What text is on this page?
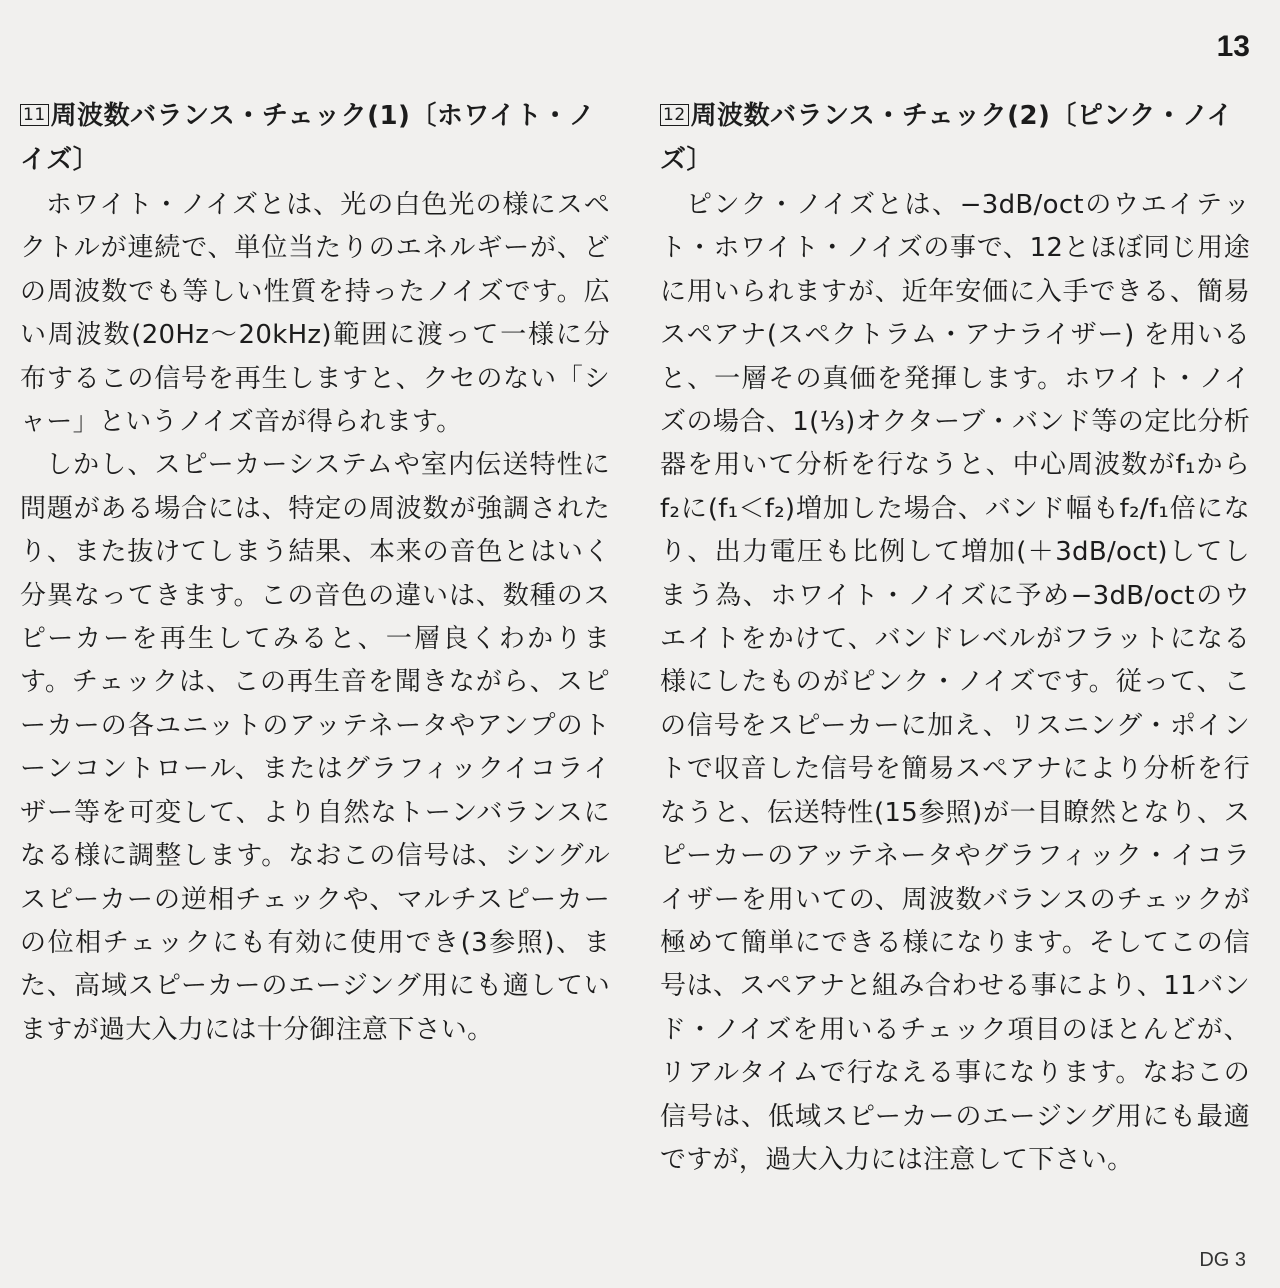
13
11 周波数バランス・チェック(1)〔ホワイト・ノ
イズ〕

ホワイト・ノイズとは、光の白色光の様にスペクトルが連続で、単位当たりのエネルギーが、どの周波数でも等しい性質を持ったノイズです。広い周波数(20Hz～20kHz)範囲に渡って一様に分布するこの信号を再生しますと、クセのない「シャー」というノイズ音が得られます。

しかし、スピーカーシステムや室内伝送特性に問題がある場合には、特定の周波数が強調されたり、また抜けてしまう結果、本来の音色とはいく分異なってきます。この音色の違いは、数種のスピーカーを再生してみると、一層良くわかります。チェックは、この再生音を聞きながら、スピーカーの各ユニットのアッテネータやアンプのトーンコントロール、またはグラフィックイコライザー等を可変して、より自然なトーンバランスになる様に調整します。なおこの信号は、シングルスピーカーの逆相チェックや、マルチスピーカーの位相チェックにも有効に使用でき(3参照)、また、高域スピーカーのエージング用にも適していますが過大入力には十分御注意下さい。

12 周波数バランス・チェック(2)〔ピンク・ノイズ〕

ピンク・ノイズとは、−3dB/octのウエイテット・ホワイト・ノイズの事で、12とほぼ同じ用途に用いられますが、近年安価に入手できる、簡易スペアナ(スペクトラム・アナライザー) を用いると、一層その真価を発揮します。ホワイト・ノイズの場合、1(⅓)オクターブ・バンド等の定比分析器を用いて分析を行なうと、中心周波数がf₁からf₂に(f₁＜f₂)増加した場合、バンド幅もf₂/f₁倍になり、出力電圧も比例して増加(＋3dB/oct)してしまう為、ホワイト・ノイズに予め−3dB/octのウエイトをかけて、バンドレベルがフラットになる様にしたものがピンク・ノイズです。従って、この信号をスピーカーに加え、リスニング・ポイントで収音した信号を簡易スペアナにより分析を行なうと、伝送特性(15参照)が一目瞭然となり、スピーカーのアッテネータやグラフィック・イコライザーを用いての、周波数バランスのチェックが極めて簡単にできる様になります。そしてこの信号は、スペアナと組み合わせる事により、11バンド・ノイズを用いるチェック項目のほとんどが、リアルタイムで行なえる事になります。なおこの信号は、低域スピーカーのエージング用にも最適ですが，過大入力には注意して下さい。

DG 3
